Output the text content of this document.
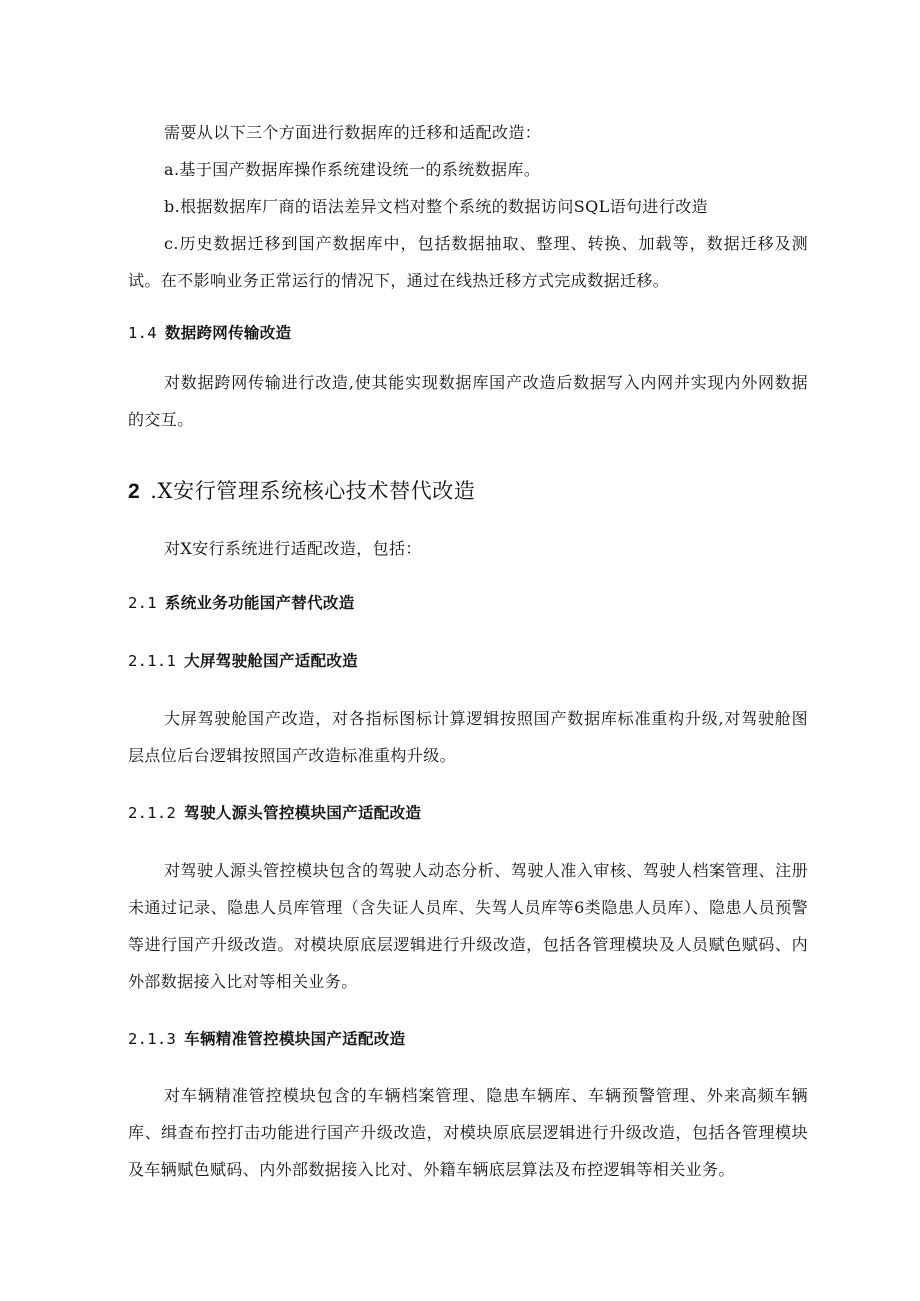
需要从以下三个方面进行数据库的迁移和适配改造：

a.基于国产数据库操作系统建设统一的系统数据库。

b.根据数据库厂商的语法差异文档对整个系统的数据访问SQL语句进行改造

c.历史数据迁移到国产数据库中，包括数据抽取、整理、转换、加载等，数据迁移及测试。在不影响业务正常运行的情况下，通过在线热迁移方式完成数据迁移。

1.4 数据跨网传输改造

对数据跨网传输进行改造,使其能实现数据库国产改造后数据写入内网并实现内外网数据的交互。

2 .X安行管理系统核心技术替代改造

对X安行系统进行适配改造，包括：

2.1 系统业务功能国产替代改造

2.1.1 大屏驾驶舱国产适配改造

大屏驾驶舱国产改造，对各指标图标计算逻辑按照国产数据库标准重构升级,对驾驶舱图层点位后台逻辑按照国产改造标准重构升级。

2.1.2 驾驶人源头管控模块国产适配改造

对驾驶人源头管控模块包含的驾驶人动态分析、驾驶人准入审核、驾驶人档案管理、注册未通过记录、隐患人员库管理（含失证人员库、失驾人员库等6类隐患人员库）、隐患人员预警等进行国产升级改造。对模块原底层逻辑进行升级改造，包括各管理模块及人员赋色赋码、内外部数据接入比对等相关业务。

2.1.3 车辆精准管控模块国产适配改造

对车辆精准管控模块包含的车辆档案管理、隐患车辆库、车辆预警管理、外来高频车辆库、缉查布控打击功能进行国产升级改造，对模块原底层逻辑进行升级改造，包括各管理模块及车辆赋色赋码、内外部数据接入比对、外籍车辆底层算法及布控逻辑等相关业务。
